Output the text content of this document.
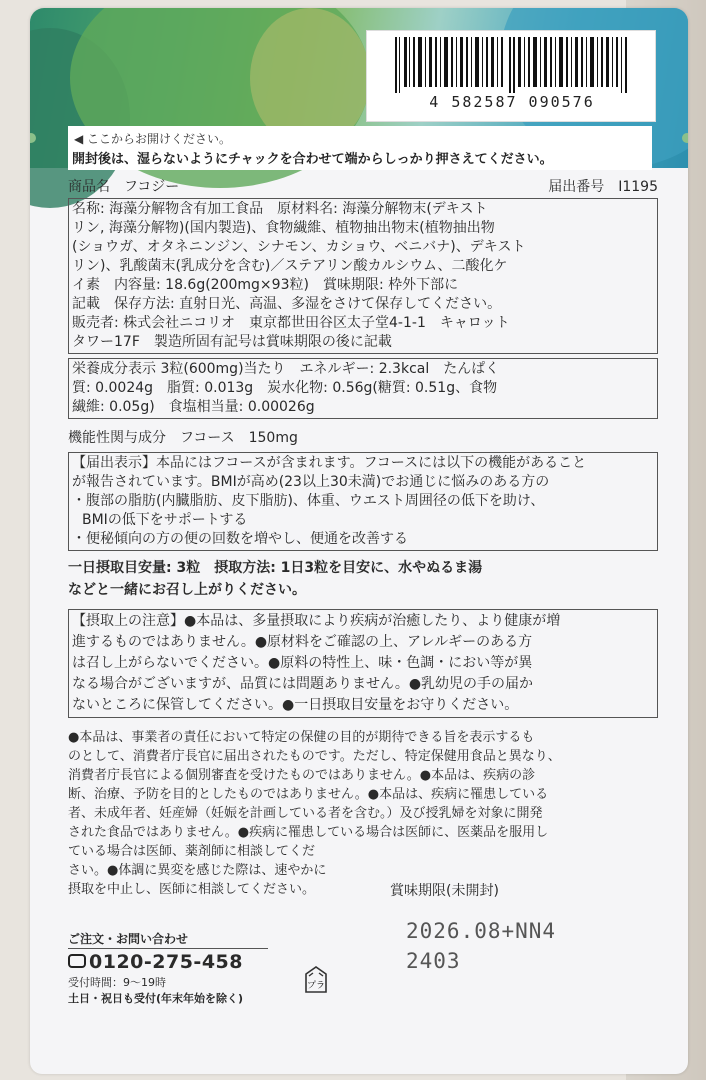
4 582587 090576
◀ ここからお開けください。
開封後は、湿らないようにチャックを合わせて端からしっかり押さえてください。
商品名　フコジー	届出番号　I1195
名称: 海藻分解物含有加工食品　原材料名: 海藻分解物末(デキスト
リン, 海藻分解物)(国内製造)、食物繊維、植物抽出物末(植物抽出物
(ショウガ、オタネニンジン、シナモン、カショウ、ベニバナ)、デキスト
リン)、乳酸菌末(乳成分を含む)／ステアリン酸カルシウム、二酸化ケ
イ素　内容量: 18.6g(200mg×93粒)　賞味期限: 枠外下部に
記載　保存方法: 直射日光、高温、多湿をさけて保存してください。
販売者: 株式会社ニコリオ　東京都世田谷区太子堂4-1-1　キャロット
タワー17F　製造所固有記号は賞味期限の後に記載
栄養成分表示 3粒(600mg)当たり　エネルギー: 2.3kcal　たんぱく
質: 0.0024g　脂質: 0.013g　炭水化物: 0.56g(糖質: 0.51g、食物
繊維: 0.05g)　食塩相当量: 0.00026g
機能性関与成分　フコース　150mg
【届出表示】本品にはフコースが含まれます。フコースには以下の機能があること
が報告されています。BMIが高め(23以上30未満)でお通じに悩みのある方の
・腹部の脂肪(内臓脂肪、皮下脂肪)、体重、ウエスト周囲径の低下を助け、
BMIの低下をサポートする
・便秘傾向の方の便の回数を増やし、便通を改善する
一日摂取目安量: 3粒　摂取方法: 1日3粒を目安に、水やぬるま湯
などと一緒にお召し上がりください。
【摂取上の注意】●本品は、多量摂取により疾病が治癒したり、より健康が増
進するものではありません。●原材料をご確認の上、アレルギーのある方
は召し上がらないでください。●原料の特性上、味・色調・におい等が異
なる場合がございますが、品質には問題ありません。●乳幼児の手の届か
ないところに保管してください。●一日摂取目安量をお守りください。
●本品は、事業者の責任において特定の保健の目的が期待できる旨を表示するも
のとして、消費者庁長官に届出されたものです。ただし、特定保健用食品と異なり、
消費者庁長官による個別審査を受けたものではありません。●本品は、疾病の診
断、治療、予防を目的としたものではありません。●本品は、疾病に罹患している
者、未成年者、妊産婦（妊娠を計画している者を含む。）及び授乳婦を対象に開発
された食品ではありません。●疾病に罹患している場合は医師に、医薬品を服用し
ている場合は医師、薬剤師に相談してくだ
さい。●体調に異変を感じた際は、速やかに
摂取を中止し、医師に相談してください。	賞味期限(未開封)
2026.08+NN4
2403
ご注文・お問い合わせ
0120-275-458
受付時間：9～19時
土日・祝日も受付(年末年始を除く)
プラ
